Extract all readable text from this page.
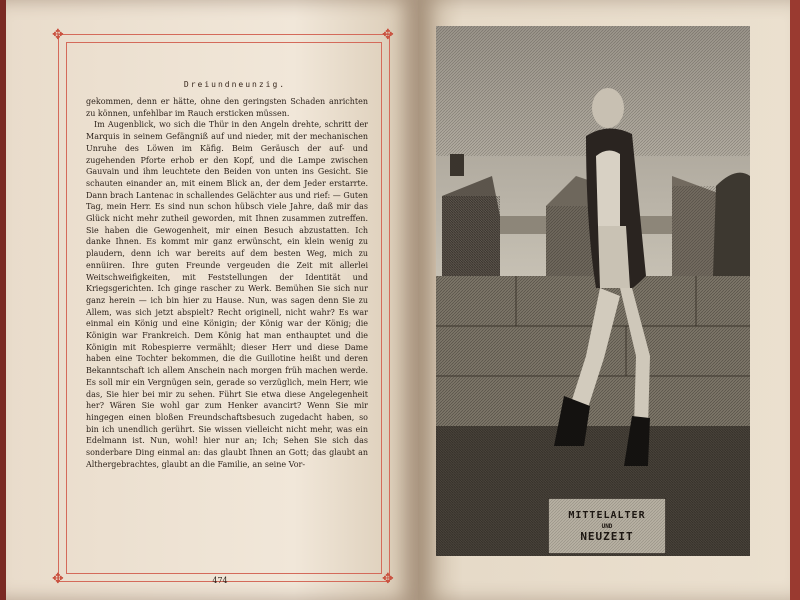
✥	✥
✥	✥
Dreiundneunzig.

gekommen, denn er hätte, ohne den geringsten Schaden anrichten zu können, unfehlbar im Rauch ersticken müssen.

Im Augenblick, wo sich die Thür in den Angeln drehte, schritt der Marquis in seinem Gefängniß auf und nieder, mit der mechanischen Unruhe des Löwen im Käfig. Beim Geräusch der auf- und zugehenden Pforte erhob er den Kopf, und die Lampe zwischen Gauvain und ihm leuchtete den Beiden von unten ins Gesicht. Sie schauten einander an, mit einem Blick an, der dem Jeder erstarrte. Dann brach Lantenac in schallendes Gelächter aus und rief: — Guten Tag, mein Herr. Es sind nun schon hübsch viele Jahre, daß mir das Glück nicht mehr zutheil geworden, mit Ihnen zusammen zutreffen. Sie haben die Gewogenheit, mir einen Besuch abzustatten. Ich danke Ihnen. Es kommt mir ganz erwünscht, ein klein wenig zu plaudern, denn ich war bereits auf dem besten Weg, mich zu ennüiren. Ihre guten Freunde vergeuden die Zeit mit allerlei Weitschweifigkeiten, mit Feststellungen der Identität und Kriegsgerichten. Ich ginge rascher zu Werk. Bemühen Sie sich nur ganz herein — ich bin hier zu Hause. Nun, was sagen denn Sie zu Allem, was sich jetzt abspielt? Recht originell, nicht wahr? Es war einmal ein König und eine Königin; der König war der König; die Königin war Frankreich. Dem König hat man enthauptet und die Königin mit Robespierre vermählt; dieser Herr und diese Dame haben eine Tochter bekommen, die die Guillotine heißt und deren Bekanntschaft ich allem Anschein nach morgen früh machen werde. Es soll mir ein Vergnügen sein, gerade so verzüglich, mein Herr, wie das, Sie hier bei mir zu sehen. Führt Sie etwa diese Angelegenheit her? Wären Sie wohl gar zum Henker avancirt? Wenn Sie mir hingegen einen bloßen Freundschaftsbesuch zugedacht haben, so bin ich unendlich gerührt. Sie wissen vielleicht nicht mehr, was ein Edelmann ist. Nun, wohl! hier nur an; Ich; Sehen Sie sich das sonderbare Ding einmal an: das glaubt Ihnen an Gott; das glaubt an Althergebrachtes, glaubt an die Familie, an seine Vor-

474
MITTELALTER
UND
NEUZEIT
